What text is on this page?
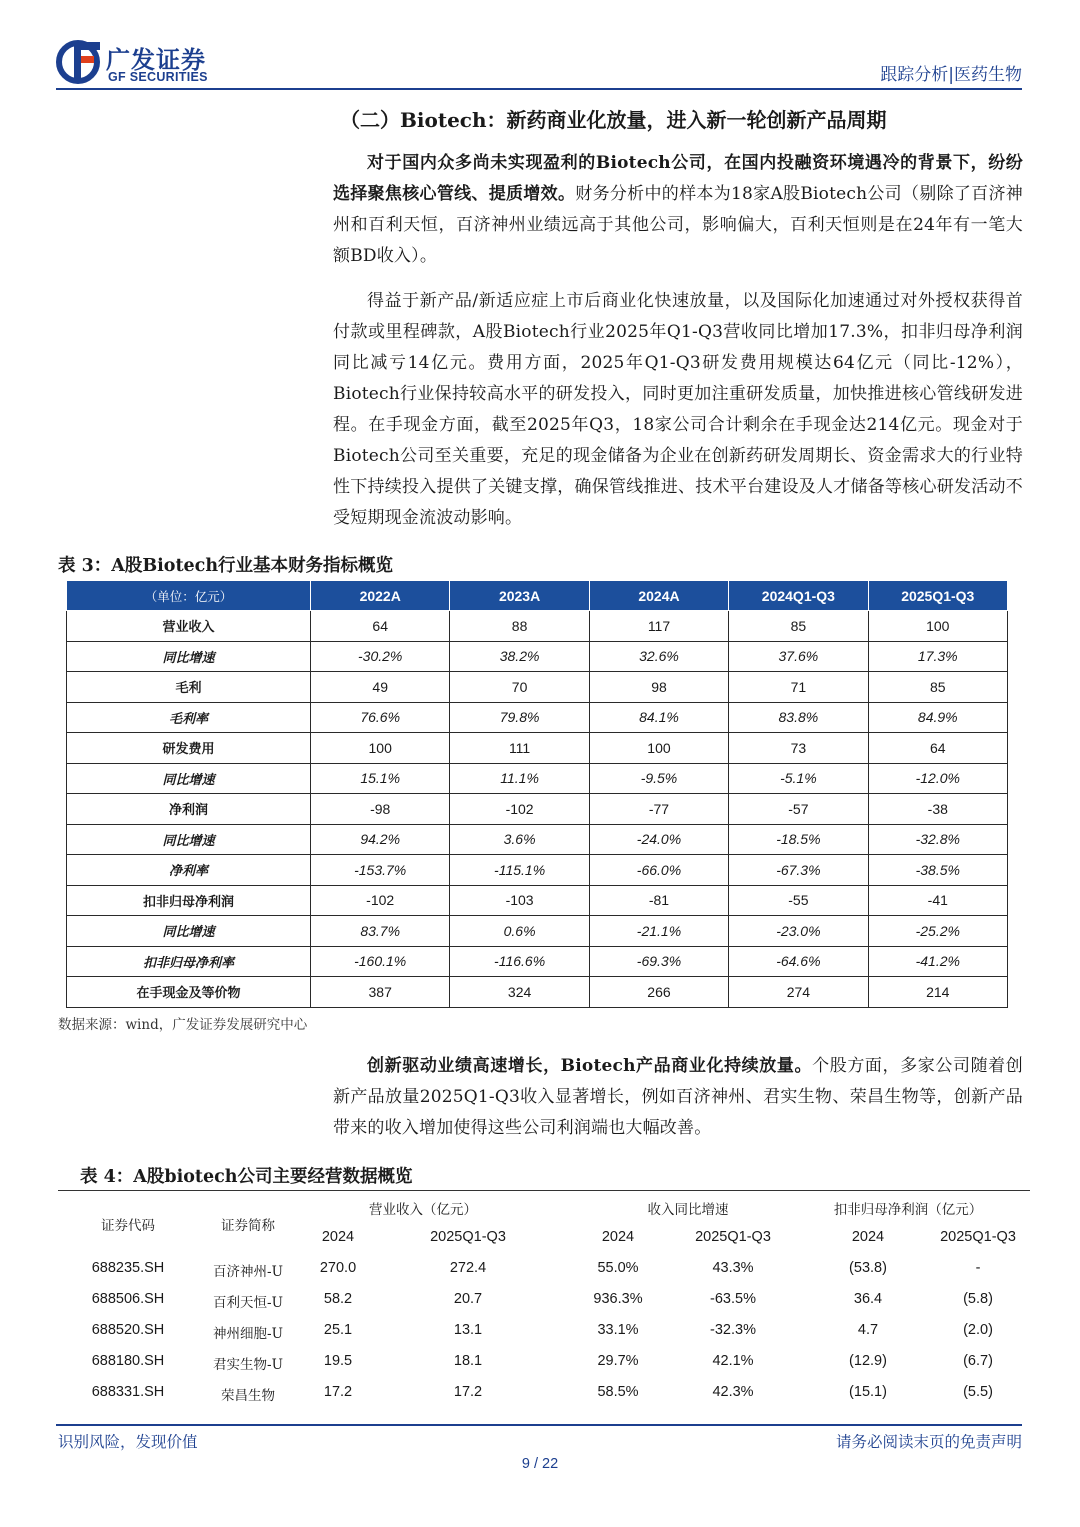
广发证券
GF SECURITIES	跟踪分析|医药生物
（二）Biotech：新药商业化放量，进入新一轮创新产品周期
对于国内众多尚未实现盈利的Biotech公司，在国内投融资环境遇冷的背景下，纷纷选择聚焦核心管线、提质增效。财务分析中的样本为18家A股Biotech公司（剔除了百济神州和百利天恒，百济神州业绩远高于其他公司，影响偏大，百利天恒则是在24年有一笔大额BD收入）。
得益于新产品/新适应症上市后商业化快速放量，以及国际化加速通过对外授权获得首付款或里程碑款，A股Biotech行业2025年Q1-Q3营收同比增加17.3%，扣非归母净利润同比减亏14亿元。费用方面，2025年Q1-Q3研发费用规模达64亿元（同比-12%），Biotech行业保持较高水平的研发投入，同时更加注重研发质量，加快推进核心管线研发进程。在手现金方面，截至2025年Q3，18家公司合计剩余在手现金达214亿元。现金对于Biotech公司至关重要，充足的现金储备为企业在创新药研发周期长、资金需求大的行业特性下持续投入提供了关键支撑，确保管线推进、技术平台建设及人才储备等核心研发活动不受短期现金流波动影响。
表 3：A股Biotech行业基本财务指标概览
（单位：亿元）	2022A	2023A	2024A	2024Q1-Q3	2025Q1-Q3
营业收入	64	88	117	85	100
同比增速	-30.2%	38.2%	32.6%	37.6%	17.3%
毛利	49	70	98	71	85
毛利率	76.6%	79.8%	84.1%	83.8%	84.9%
研发费用	100	111	100	73	64
同比增速	15.1%	11.1%	-9.5%	-5.1%	-12.0%
净利润	-98	-102	-77	-57	-38
同比增速	94.2%	3.6%	-24.0%	-18.5%	-32.8%
净利率	-153.7%	-115.1%	-66.0%	-67.3%	-38.5%
扣非归母净利润	-102	-103	-81	-55	-41
同比增速	83.7%	0.6%	-21.1%	-23.0%	-25.2%
扣非归母净利率	-160.1%	-116.6%	-69.3%	-64.6%	-41.2%
在手现金及等价物	387	324	266	274	214
数据来源：wind，广发证券发展研究中心
创新驱动业绩高速增长，Biotech产品商业化持续放量。个股方面，多家公司随着创新产品放量2025Q1-Q3收入显著增长，例如百济神州、君实生物、荣昌生物等，创新产品带来的收入增加使得这些公司利润端也大幅改善。
表 4：A股biotech公司主要经营数据概览
证券代码	证券简称
营业收入（亿元）	收入同比增速	扣非归母净利润（亿元）
2024	2025Q1-Q3	2024	2025Q1-Q3	2024	2025Q1-Q3
688235.SH	百济神州-U	270.0	272.4	55.0%	43.3%	(53.8)	-
688506.SH	百利天恒-U	58.2	20.7	936.3%	-63.5%	36.4	(5.8)
688520.SH	神州细胞-U	25.1	13.1	33.1%	-32.3%	4.7	(2.0)
688180.SH	君实生物-U	19.5	18.1	29.7%	42.1%	(12.9)	(6.7)
688331.SH	荣昌生物	17.2	17.2	58.5%	42.3%	(15.1)	(5.5)
识别风险，发现价值	请务必阅读末页的免责声明
9 / 22
